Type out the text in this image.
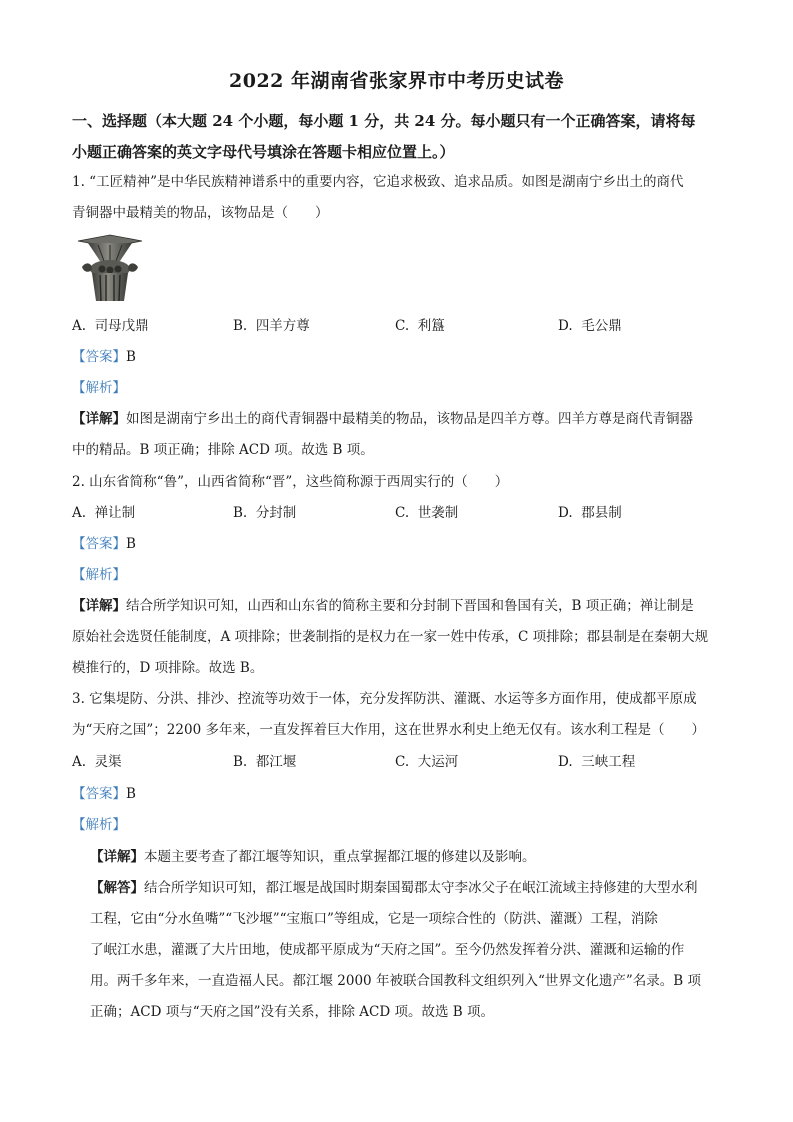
2022 年湖南省张家界市中考历史试卷
一、选择题（本大题 24 个小题，每小题 1 分，共 24 分。每小题只有一个正确答案，请将每
小题正确答案的英文字母代号填涂在答题卡相应位置上。）
1. “工匠精神”是中华民族精神谱系中的重要内容，它追求极致、追求品质。如图是湖南宁乡出土的商代
青铜器中最精美的物品，该物品是（　　）
A. 司母戊鼎	B. 四羊方尊	C. 利簋	D. 毛公鼎
【答案】B
【解析】
【详解】如图是湖南宁乡出土的商代青铜器中最精美的物品，该物品是四羊方尊。四羊方尊是商代青铜器
中的精品。B 项正确；排除 ACD 项。故选 B 项。
2. 山东省简称“鲁”，山西省简称“晋”，这些简称源于西周实行的（　　）
A. 禅让制	B. 分封制	C. 世袭制	D. 郡县制
【答案】B
【解析】
【详解】结合所学知识可知，山西和山东省的简称主要和分封制下晋国和鲁国有关，B 项正确；禅让制是
原始社会选贤任能制度，A 项排除；世袭制指的是权力在一家一姓中传承，C 项排除；郡县制是在秦朝大规
模推行的，D 项排除。故选 B。
3. 它集堤防、分洪、排沙、控流等功效于一体，充分发挥防洪、灌溉、水运等多方面作用，使成都平原成
为“天府之国”；2200 多年来，一直发挥着巨大作用，这在世界水利史上绝无仅有。该水利工程是（　　）
A. 灵渠	B. 都江堰	C. 大运河	D. 三峡工程
【答案】B
【解析】
【详解】本题主要考查了都江堰等知识，重点掌握都江堰的修建以及影响。
【解答】结合所学知识可知，都江堰是战国时期秦国蜀郡太守李冰父子在岷江流域主持修建的大型水利
工程，它由“分水鱼嘴”“飞沙堰”“宝瓶口”等组成，它是一项综合性的（防洪、灌溉）工程，消除
了岷江水患，灌溉了大片田地，使成都平原成为“天府之国”。至今仍然发挥着分洪、灌溉和运输的作
用。两千多年来，一直造福人民。都江堰 2000 年被联合国教科文组织列入“世界文化遗产”名录。B 项
正确；ACD 项与“天府之国”没有关系，排除 ACD 项。故选 B 项。
